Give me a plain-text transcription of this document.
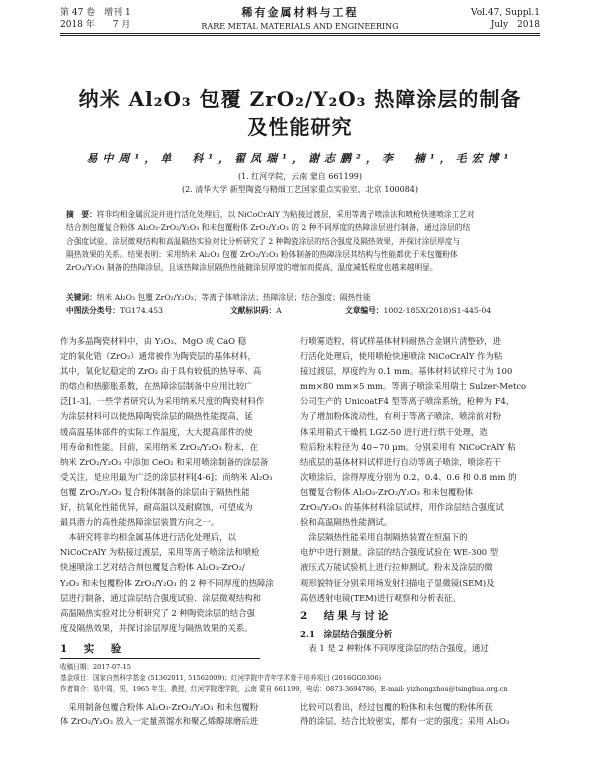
第 47 卷　增刊 1
2018 年　　7 月
稀有金属材料与工程
RARE METAL MATERIALS AND ENGINEERING
Vol.47, Suppl.1
July　2018
纳米 Al₂O₃ 包覆 ZrO₂/Y₂O₃ 热障涂层的制备
及性能研究
易中周¹，单　科¹，翟凤瑞¹，谢志鹏²，李　楠¹，毛宏博¹
(1. 红河学院，云南 蒙自 661199)
(2. 清华大学 新型陶瓷与精细工艺国家重点实验室，北京 100084)
摘　要：将非均相金属沉淀并进行活化处理后，以 NiCoCrAlY 为粘接过渡层，采用等离子喷涂法和喷枪快速喷涂工艺对
结合剂包覆复合粉体 Al₂O₃-ZrO₂/Y₂O₃ 和未包覆粉体 ZrO₂/Y₂O₃ 的 2 种不同厚度的热障涂层进行制备，通过涂层的结
合强度试验、涂层微观结构和高温隔热实验对比分析研究了 2 种陶瓷涂层的结合强度及隔热效果，并探讨涂层厚度与
隔热效果的关系。结果表明：采用纳米 Al₂O₃ 包覆 ZrO₂/Y₂O₃ 粉体制备的热障涂层其结构与性能都优于未包覆粉体
ZrO₂/Y₂O₃ 制备的热障涂层，且该热障涂层隔热性能随涂层厚度的增加而提高，温度减低程度也越来越明显。
关键词：纳米 Al₂O₃ 包覆 ZrO₂/Y₂O₃；等离子体喷涂法；热障涂层；结合强度；隔热性能
中图法分类号：TG174.453	文献标识码：A	文章编号：1002-185X(2018)S1-445-04
作为多晶陶瓷材料中，由 Y₂O₃、MgO 或 CaO 稳
定的氧化锆（ZrO₂）通常被作为陶瓷层的基体材料，
其中，氧化钇稳定的 ZrO₂ 由于具有较低的热导率、高
的熔点和热膨胀系数，在热障涂层制备中应用比较广
泛[1-3]。一些学者研究认为采用纳米尺度的陶瓷材料作
为涂层材料可以使热障陶瓷涂层的隔热性能提高，延
缓高温基体部件的实际工作温度，大大提高部件的使
用寿命和性能。目前，采用纳米 ZrO₂/Y₂O₃ 粉末，在
纳米 ZrO₂/Y₂O₃ 中添加 CeO₂ 和采用喷涂制备的涂层备
受关注，是应用最为广泛的涂层材料[4-6]；而纳米 Al₂O₃
包覆 ZrO₂/Y₂O₃ 复合粉体制备的涂层由于隔热性能
好，抗氧化性能优异，耐高温以及耐腐蚀，可望成为
最具潜力的高性能热障涂层装置方向之一。
　本研究将非均相金属基体进行活化处理后，以
NiCoCrAlY 为粘接过渡层，采用等离子喷涂法和喷枪
快速喷涂工艺对结合剂包覆复合粉体 Al₂O₃-ZrO₂/
Y₂O₃ 和未包覆粉体 ZrO₂/Y₂O₃ 的 2 种不同厚度的热障涂
层进行制备，通过涂层结合强度试验、涂层微观结构和
高温隔热实验对比分析研究了 2 种陶瓷涂层的结合强
度及隔热效果，并探讨涂层厚度与隔热效果的关系。
1　实　验
行喷雾造粒，将试样基体材料耐热合金钢片清整砂，进
行活化处理后，使用喷枪快速喷涂 NiCoCrAlY 作为粘
接过渡层，厚度约为 0.1 mm。基体材料试样尺寸为 100
mm×80 mm×5 mm。等离子喷涂采用瑞士 Sulzer-Metco
公司生产的 UnicoatF4 型等离子喷涂系统，枪种为 F4，
为了增加粉体流动性，有利于等离子喷涂，喷涂前对粉
体采用箱式干燥机 LGZ-50 进行进行烘干处理，造
粒后粉末粒径为 40~70 μm。分别采用有 NiCoCrAlY 粘
结底层的基体材料试样进行自动等离子喷涂，喷涂若干
次喷涂后，涂得厚度分别为 0.2、0.4、0.6 和 0.8 mm 的
包覆复合粉体 Al₂O₃-ZrO₂/Y₂O₃ 和未包覆粉体
ZrO₂/Y₂O₃ 的基体材料涂层试样，用作涂层结合强度试
验和高温隔热性能测试。
　涂层隔热性能采用自制隔热装置在恒温下的
电炉中进行测量。涂层的结合强度试验在 WE-300 型
液压式万能试验机上进行拉伸测试。粉末及涂层的微
观形貌特征分别采用场发射扫描电子显微镜(SEM)及
高倍透射电镜(TEM)进行观察和分析表征。
2　结果与讨论
2.1　涂层结合强度分析
　表 1 是 2 种粉体不同厚度涂层的结合强度，通过
收稿日期：2017-07-15
基金项目：国家自然科学基金 (51362011, 51562009)；红河学院中青年学术骨干培养项目 (2016GG0306)
作者简介：易中周，男，1965 年生，教授，红河学院理学院，云南 蒙自 661199，电话：0873-3694786，E-mail: yizhongzhou@tsinghua.org.cn
　采用制备包覆合粉体 Al₂O₃-ZrO₂/Y₂O₃ 和未包覆粉
体 ZrO₂/Y₂O₃ 放入一定量蒸馏水和聚乙烯醇球磨后进
比较可以看出，经过包覆的粉体和未包覆的粉体所获
得的涂层，结合比较密实，都有一定的强度；采用 Al₂O₃
